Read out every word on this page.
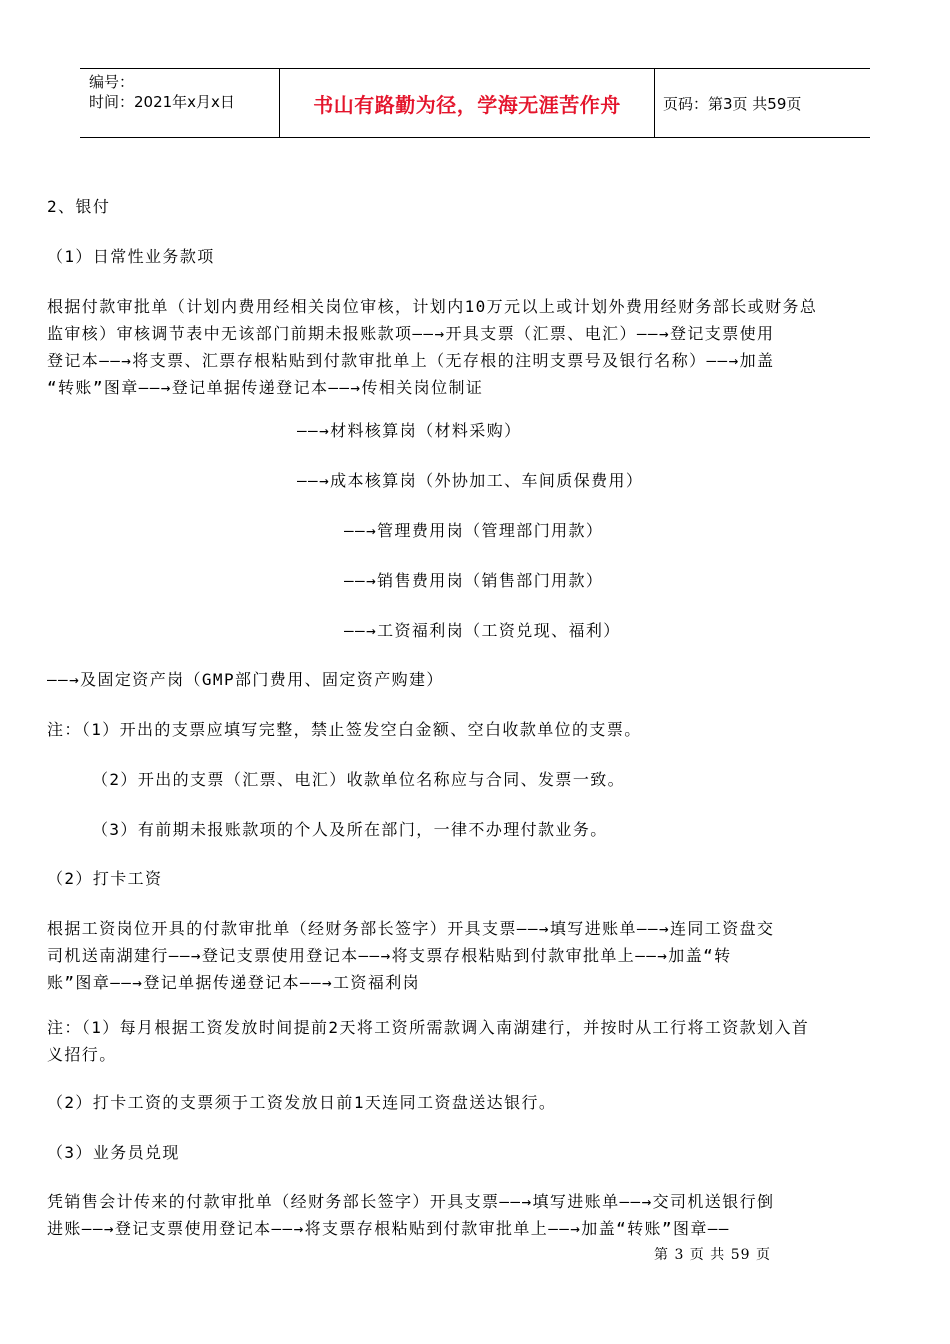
编号：
时间：2021年x月x日	书山有路勤为径，学海无涯苦作舟	页码：第3页 共59页
2、银付
（1）日常性业务款项
根据付款审批单（计划内费用经相关岗位审核，计划内10万元以上或计划外费用经财务部长或财务总
监审核）审核调节表中无该部门前期未报账款项——→开具支票（汇票、电汇）——→登记支票使用
登记本——→将支票、汇票存根粘贴到付款审批单上（无存根的注明支票号及银行名称）——→加盖
“转账”图章——→登记单据传递登记本——→传相关岗位制证
——→材料核算岗（材料采购）
——→成本核算岗（外协加工、车间质保费用）
——→管理费用岗（管理部门用款）
——→销售费用岗（销售部门用款）
——→工资福利岗（工资兑现、福利）
——→及固定资产岗（GMP部门费用、固定资产购建）
注：（1）开出的支票应填写完整，禁止签发空白金额、空白收款单位的支票。
（2）开出的支票（汇票、电汇）收款单位名称应与合同、发票一致。
（3）有前期未报账款项的个人及所在部门，一律不办理付款业务。
（2）打卡工资
根据工资岗位开具的付款审批单（经财务部长签字）开具支票——→填写进账单——→连同工资盘交
司机送南湖建行——→登记支票使用登记本——→将支票存根粘贴到付款审批单上——→加盖“转
账”图章——→登记单据传递登记本——→工资福利岗
注：（1）每月根据工资发放时间提前2天将工资所需款调入南湖建行，并按时从工行将工资款划入首
义招行。
（2）打卡工资的支票须于工资发放日前1天连同工资盘送达银行。
（3）业务员兑现
凭销售会计传来的付款审批单（经财务部长签字）开具支票——→填写进账单——→交司机送银行倒
进账——→登记支票使用登记本——→将支票存根粘贴到付款审批单上——→加盖“转账”图章——
第 3 页 共 59 页
